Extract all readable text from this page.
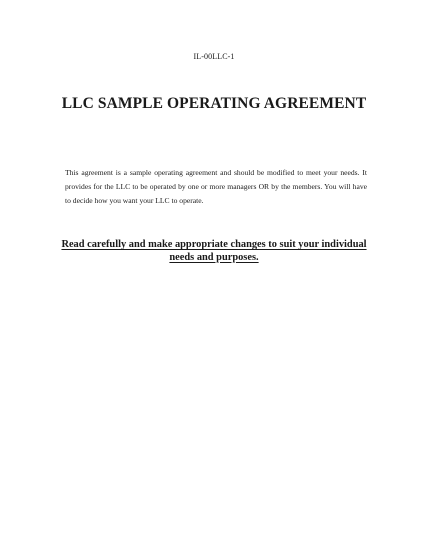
IL-00LLC-1
LLC SAMPLE OPERATING AGREEMENT

This agreement is a sample operating agreement and should be modified to meet your needs. It provides for the LLC to be operated by one or more managers OR by the members. You will have to decide how you want your LLC to operate.

Read carefully and make appropriate changes to suit your individual needs and purposes.
